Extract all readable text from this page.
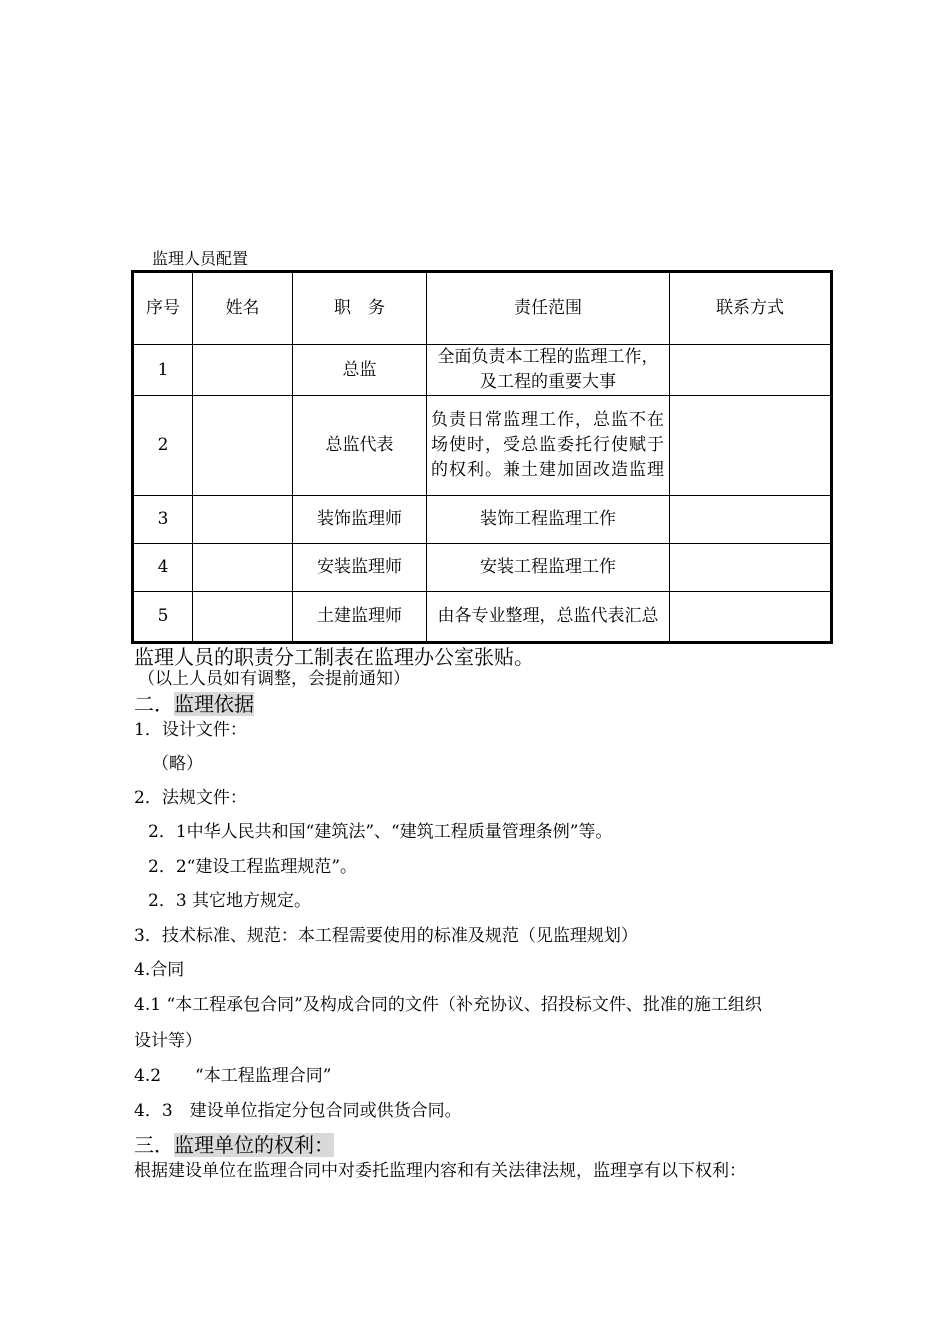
监理人员配置
序号	姓名	职　务	责任范围	联系方式
1		总监	全面负责本工程的监理工作，及工程的重要大事	
2		总监代表	负责日常监理工作，总监不在场使时，受总监委托行使赋于的权利。兼土建加固改造监理	
3		装饰监理师	装饰工程监理工作	
4		安装监理师	安装工程监理工作	
5		土建监理师	由各专业整理，总监代表汇总	
监理人员的职责分工制表在监理办公室张贴。
（以上人员如有调整，会提前通知）
二．监理依据
1．设计文件：
（略）
2．法规文件：
2．1中华人民共和国“建筑法”、“建筑工程质量管理条例”等。
2．2“建设工程监理规范”。
2．3 其它地方规定。
3．技术标准、规范：本工程需要使用的标准及规范（见监理规划）
4.合同
4.1 “本工程承包合同”及构成合同的文件（补充协议、招投标文件、批准的施工组织
设计等）
4.2　　“本工程监理合同”
4．3　建设单位指定分包合同或供货合同。
三．监理单位的权利：
根据建设单位在监理合同中对委托监理内容和有关法律法规，监理享有以下权利：
